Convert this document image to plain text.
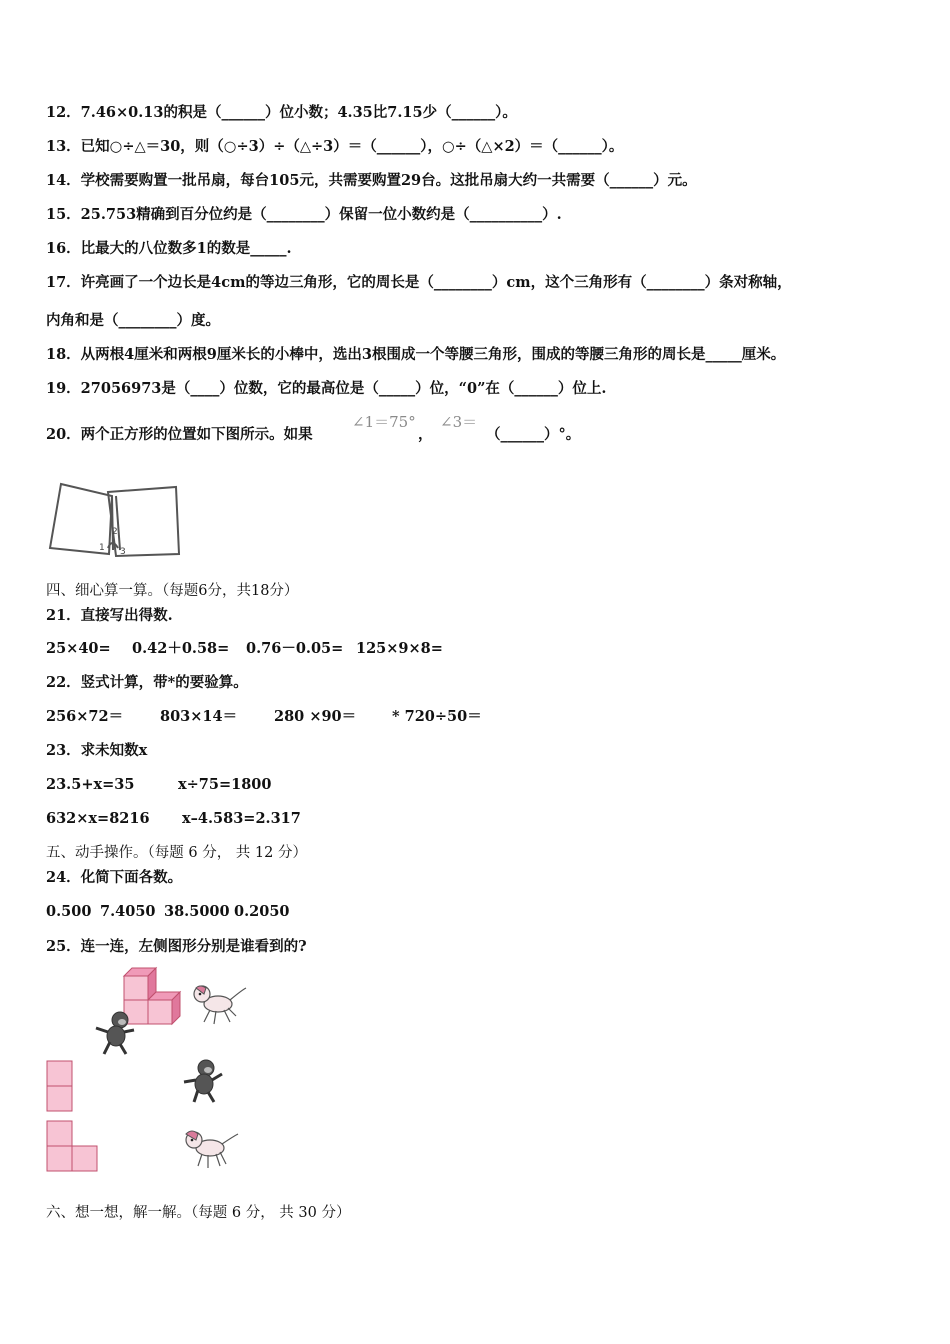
12．7.46×0.13的积是（______）位小数；4.35比7.15少（______）。
13．已知○÷△＝30，则（○÷3）÷（△÷3）＝（______），○÷（△×2）＝（______）。
14．学校需要购置一批吊扇，每台105元，共需要购置29台。这批吊扇大约一共需要（______）元。
15．25.753精确到百分位约是（________）保留一位小数约是（__________）.
16．比最大的八位数多1的数是_____.
17．许亮画了一个边长是4cm的等边三角形，它的周长是（________）cm，这个三角形有（________）条对称轴，
内角和是（________）度。
18．从两根4厘米和两根9厘米长的小棒中，选出3根围成一个等腰三角形，围成的等腰三角形的周长是_____厘米。
19．27056973是（____）位数，它的最高位是（_____）位，“0”在（______）位上.
20．两个正方形的位置如下图所示。如果
∠1＝75°
，
∠3＝
（______）°。
1
2
3
四、细心算一算。（每题6分，共18分）
21．直接写出得数.
25×40= 0.42＋0.58= 0.76－0.05= 125×9×8=
22．竖式计算，带*的要验算。
256×72＝	803×14＝	280 ×90＝ * 720÷50＝
23．求未知数x
23.5+x=35	x÷75=1800
632×x=8216 x–4.583=2.317
五、动手操作。（每题 6 分， 共 12 分）
24．化简下面各数。
0.500 7.4050 38.5000 0.2050
25．连一连，左侧图形分别是谁看到的?
六、想一想，解一解。（每题 6 分， 共 30 分）
